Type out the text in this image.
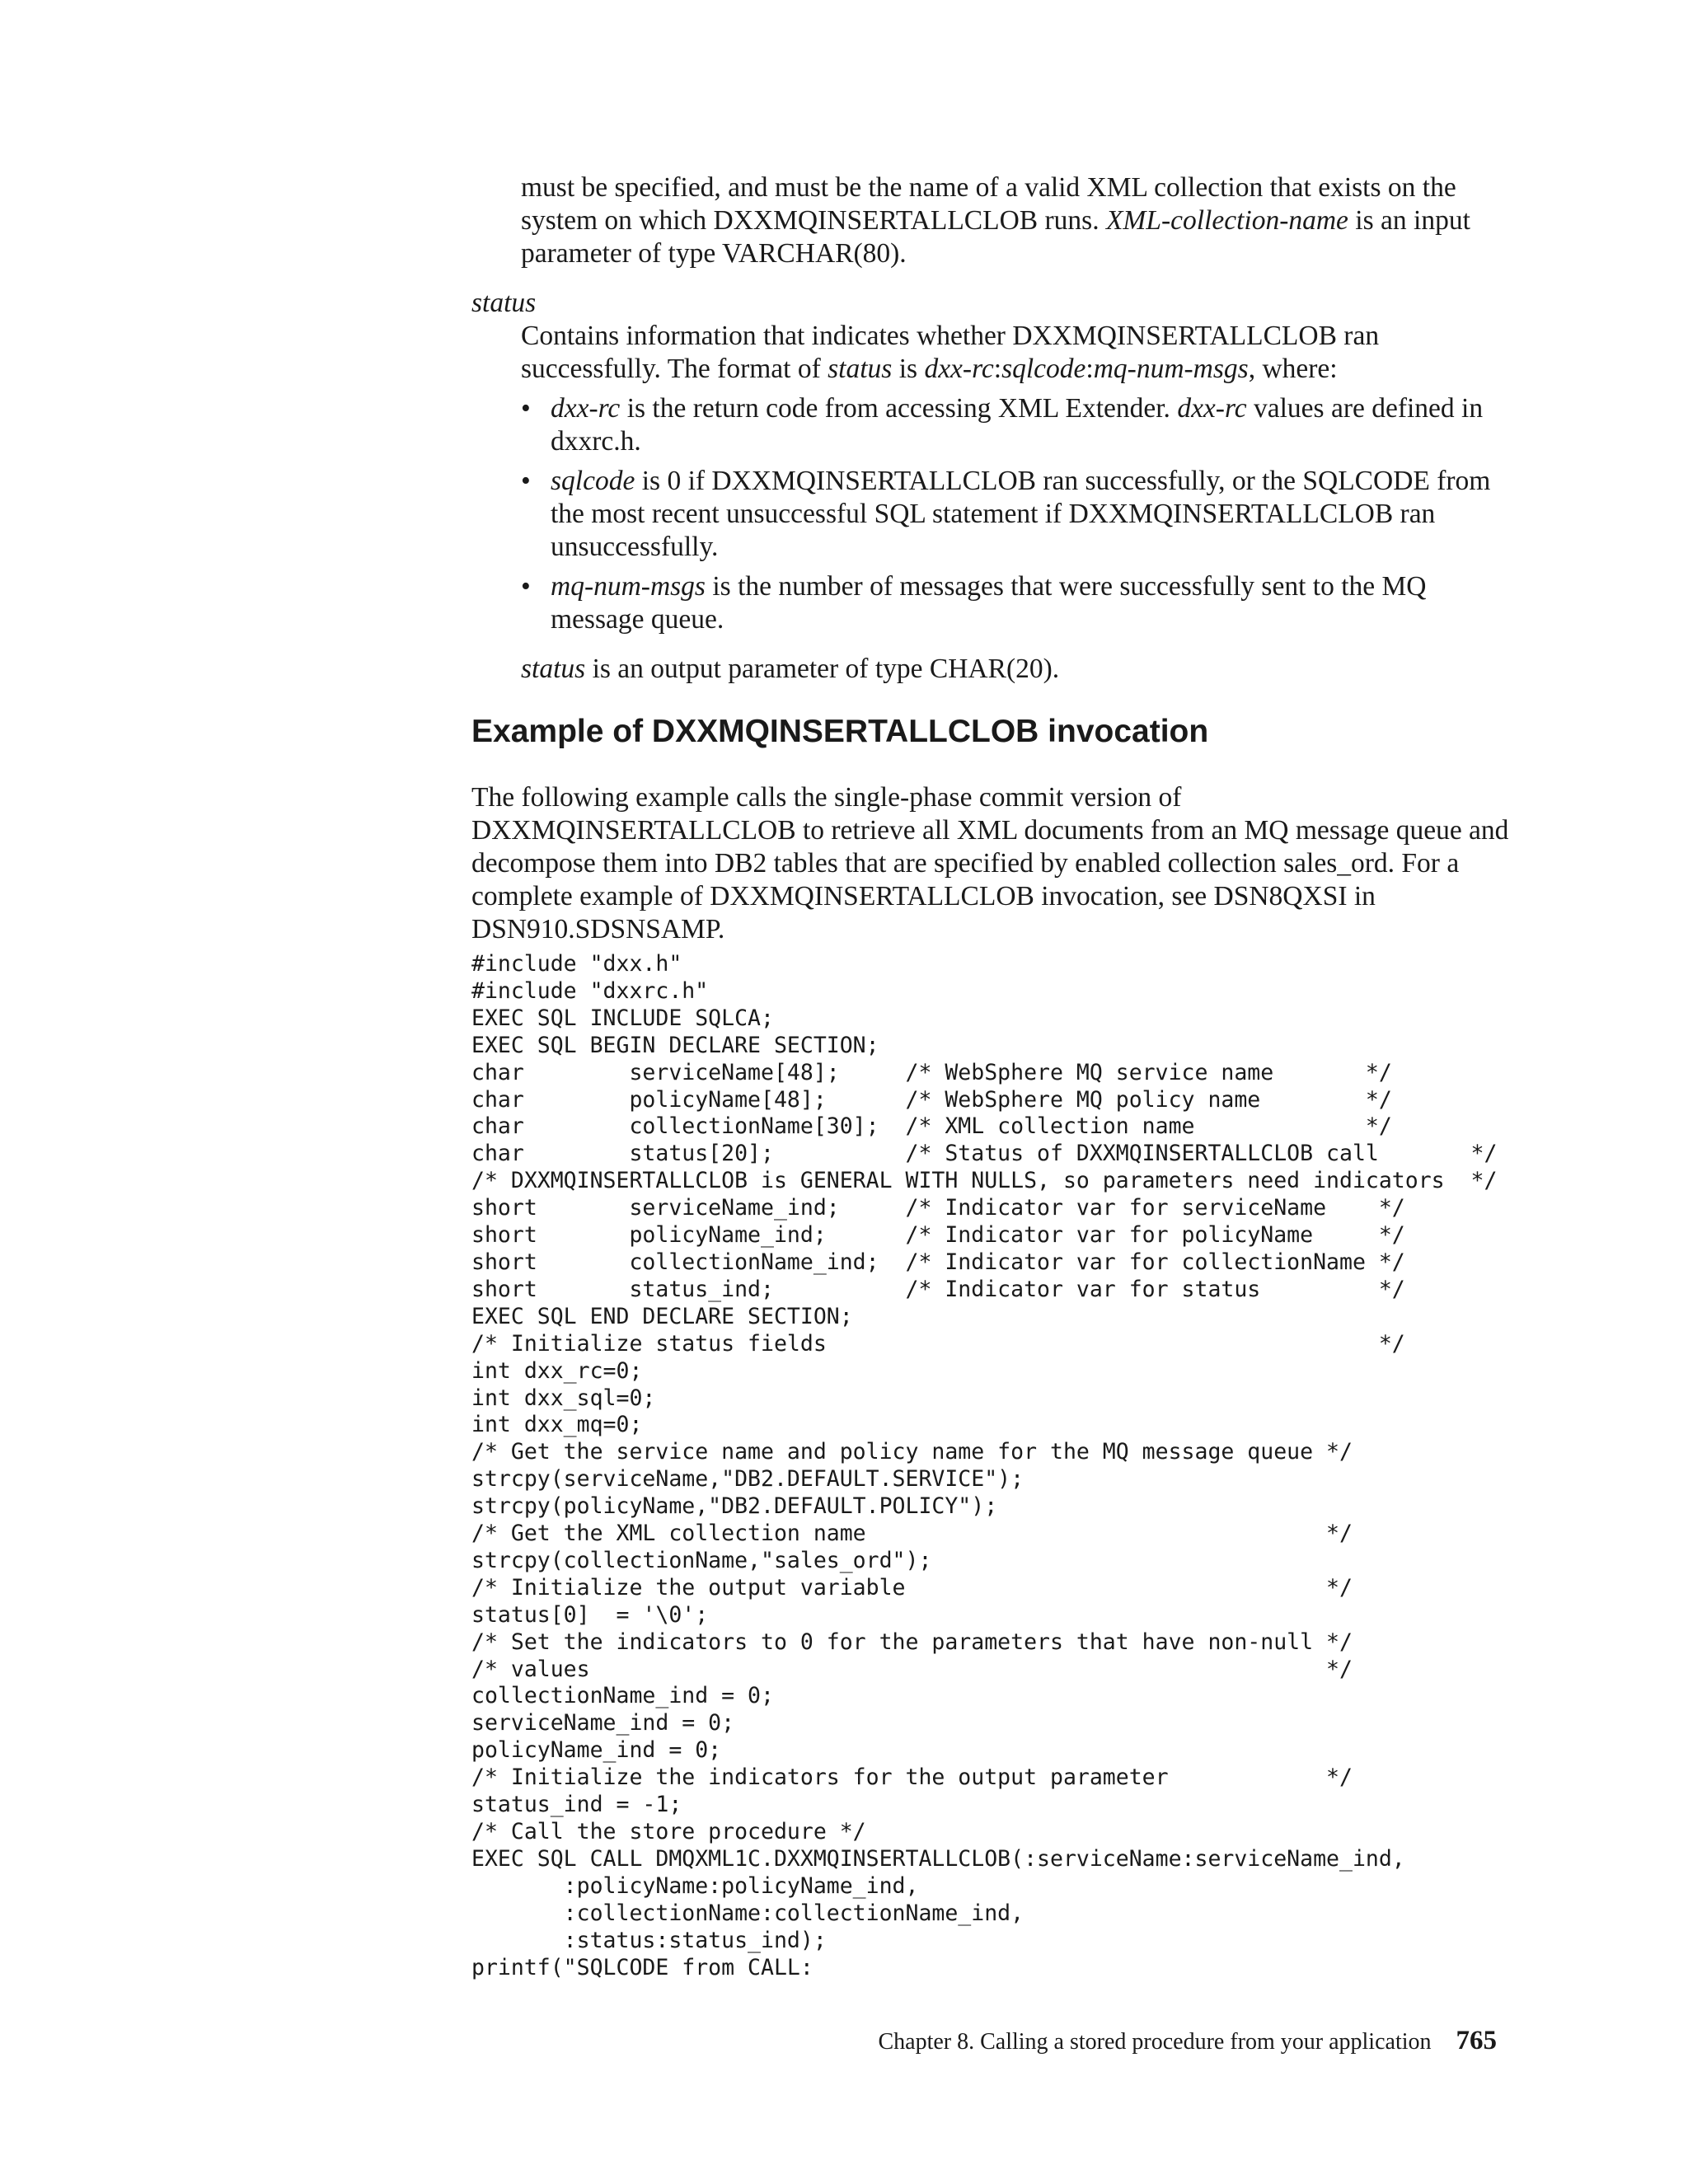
must be specified, and must be the name of a valid XML collection that exists on the system on which DXXMQINSERTALLCLOB runs. XML-collection-name is an input parameter of type VARCHAR(80).
status
Contains information that indicates whether DXXMQINSERTALLCLOB ran successfully. The format of status is dxx-rc:sqlcode:mq-num-msgs, where:
• dxx-rc is the return code from accessing XML Extender. dxx-rc values are defined in dxxrc.h.
• sqlcode is 0 if DXXMQINSERTALLCLOB ran successfully, or the SQLCODE from the most recent unsuccessful SQL statement if DXXMQINSERTALLCLOB ran unsuccessfully.
• mq-num-msgs is the number of messages that were successfully sent to the MQ message queue.
status is an output parameter of type CHAR(20).
Example of DXXMQINSERTALLCLOB invocation
The following example calls the single-phase commit version of DXXMQINSERTALLCLOB to retrieve all XML documents from an MQ message queue and decompose them into DB2 tables that are specified by enabled collection sales_ord. For a complete example of DXXMQINSERTALLCLOB invocation, see DSN8QXSI in DSN910.SDSNSAMP.
#include "dxx.h"
#include "dxxrc.h"
EXEC SQL INCLUDE SQLCA;
EXEC SQL BEGIN DECLARE SECTION;
char        serviceName[48];     /* WebSphere MQ service name       */
char        policyName[48];      /* WebSphere MQ policy name        */
char        collectionName[30];  /* XML collection name             */
char        status[20];          /* Status of DXXMQINSERTALLCLOB call       */
/* DXXMQINSERTALLCLOB is GENERAL WITH NULLS, so parameters need indicators  */
short       serviceName_ind;     /* Indicator var for serviceName    */
short       policyName_ind;      /* Indicator var for policyName     */
short       collectionName_ind;  /* Indicator var for collectionName */
short       status_ind;          /* Indicator var for status         */
EXEC SQL END DECLARE SECTION;
/* Initialize status fields                                          */
int dxx_rc=0;
int dxx_sql=0;
int dxx_mq=0;
/* Get the service name and policy name for the MQ message queue */
strcpy(serviceName,"DB2.DEFAULT.SERVICE");
strcpy(policyName,"DB2.DEFAULT.POLICY");
/* Get the XML collection name                                   */
strcpy(collectionName,"sales_ord");
/* Initialize the output variable                                */
status[0]  = '\0';
/* Set the indicators to 0 for the parameters that have non-null */
/* values                                                        */
collectionName_ind = 0;
serviceName_ind = 0;
policyName_ind = 0;
/* Initialize the indicators for the output parameter            */
status_ind = -1;
/* Call the store procedure */
EXEC SQL CALL DMQXML1C.DXXMQINSERTALLCLOB(:serviceName:serviceName_ind,
:policyName:policyName_ind,
:collectionName:collectionName_ind,
:status:status_ind);
printf("SQLCODE from CALL:
Chapter 8. Calling a stored procedure from your application 765
